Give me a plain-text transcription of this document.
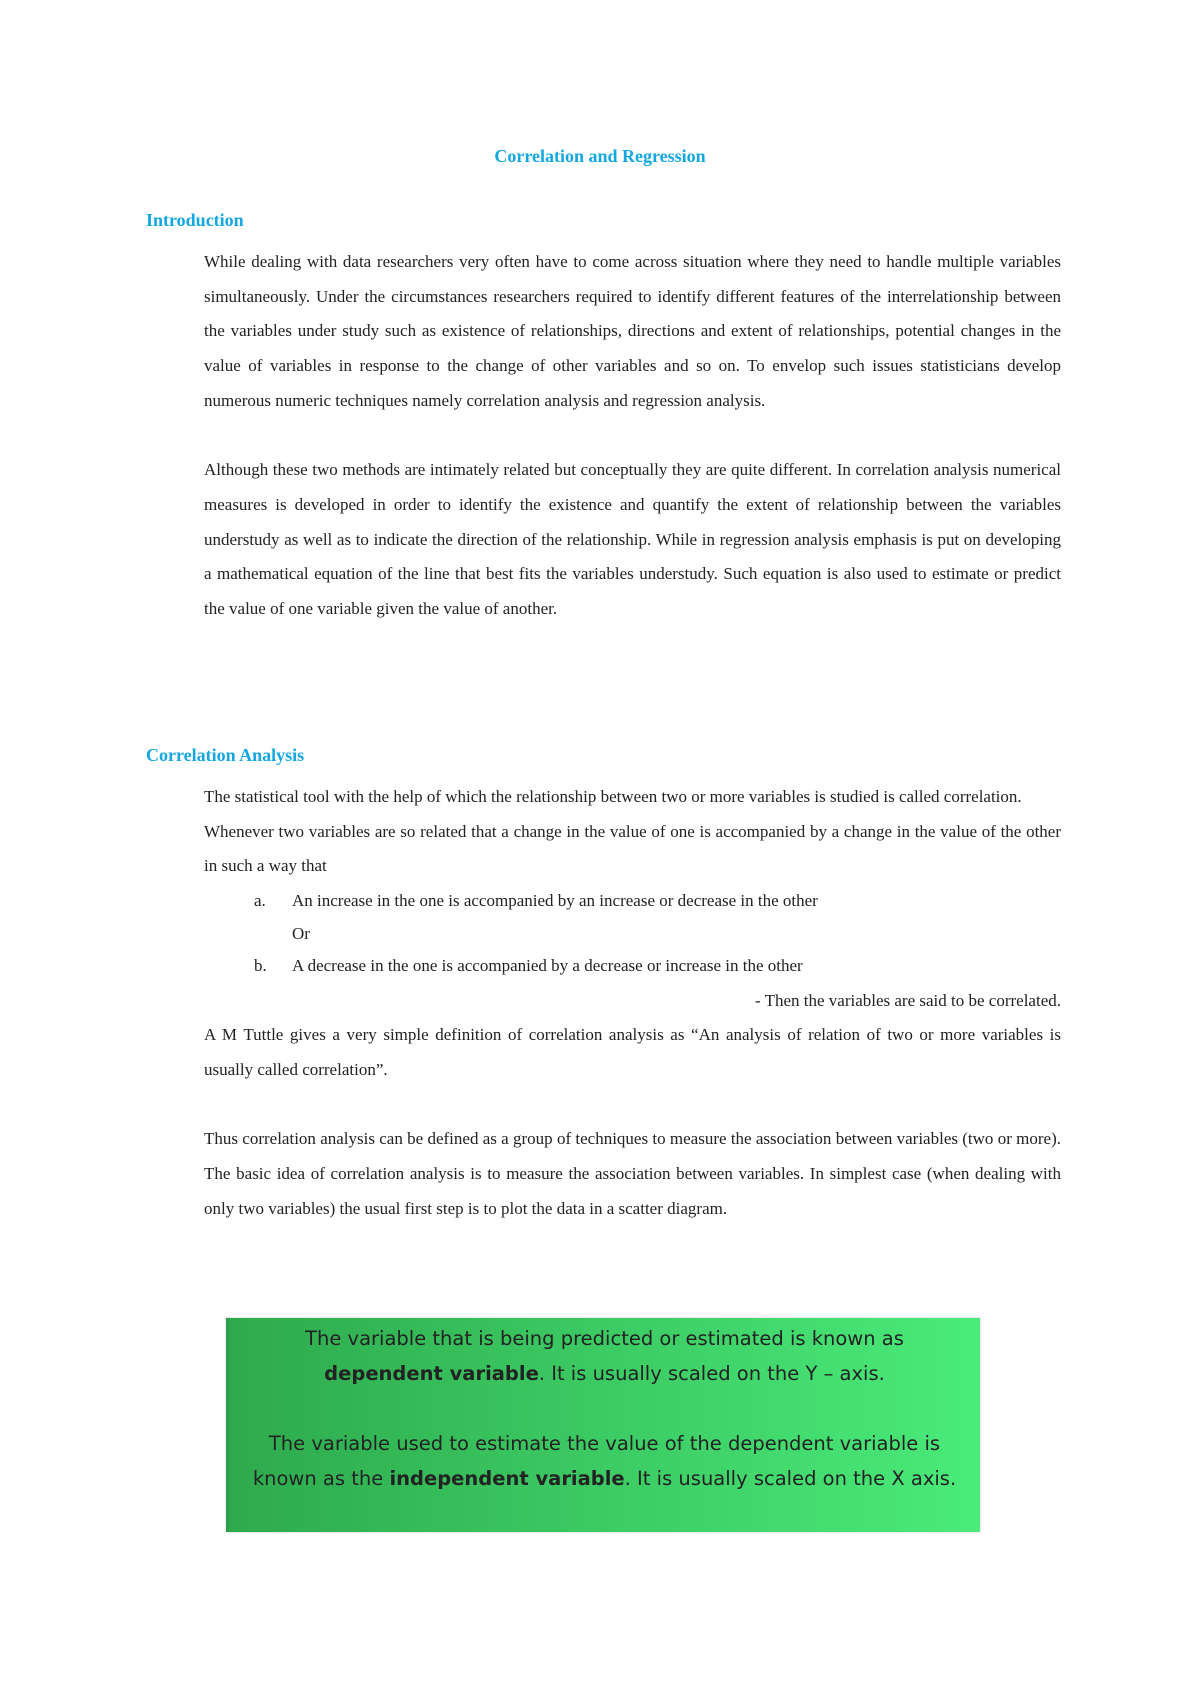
Correlation and Regression
Introduction

While dealing with data researchers very often have to come across situation where they need to handle multiple variables simultaneously. Under the circumstances researchers required to identify different features of the interrelationship between the variables under study such as existence of relationships, directions and extent of relationships, potential changes in the value of variables in response to the change of other variables and so on. To envelop such issues statisticians develop numerous numeric techniques namely correlation analysis and regression analysis.

Although these two methods are intimately related but conceptually they are quite different. In correlation analysis numerical measures is developed in order to identify the existence and quantify the extent of relationship between the variables understudy as well as to indicate the direction of the relationship. While in regression analysis emphasis is put on developing a mathematical equation of the line that best fits the variables understudy. Such equation is also used to estimate or predict the value of one variable given the value of another.

Correlation Analysis

The statistical tool with the help of which the relationship between two or more variables is studied is called correlation.

Whenever two variables are so related that a change in the value of one is accompanied by a change in the value of the other in such a way that

a.	An increase in the one is accompanied by an increase or decrease in the other
Or
b.	A decrease in the one is accompanied by a decrease or increase in the other
- Then the variables are said to be correlated.

A M Tuttle gives a very simple definition of correlation analysis as “An analysis of relation of two or more variables is usually called correlation”.

Thus correlation analysis can be defined as a group of techniques to measure the association between variables (two or more). The basic idea of correlation analysis is to measure the association between variables. In simplest case (when dealing with only two variables) the usual first step is to plot the data in a scatter diagram.

The variable that is being predicted or estimated is known as dependent variable. It is usually scaled on the Y – axis.

The variable used to estimate the value of the dependent variable is known as the independent variable. It is usually scaled on the X axis.
